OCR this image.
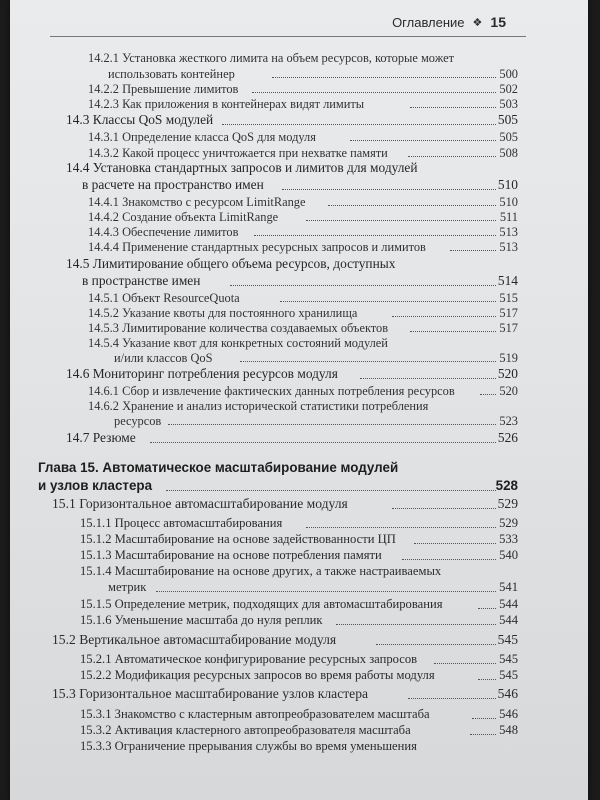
Оглавление ❖ 15
14.2.1 Установка жесткого лимита на объем ресурсов, которые может
использовать контейнер	500
14.2.2 Превышение лимитов	502
14.2.3 Как приложения в контейнерах видят лимиты	503
14.3 Классы QoS модулей	505
14.3.1 Определение класса QoS для модуля	505
14.3.2 Какой процесс уничтожается при нехватке памяти	508
14.4 Установка стандартных запросов и лимитов для модулей
в расчете на пространство имен	510
14.4.1 Знакомство с ресурсом LimitRange	510
14.4.2 Создание объекта LimitRange	511
14.4.3 Обеспечение лимитов	513
14.4.4 Применение стандартных ресурсных запросов и лимитов	513
14.5 Лимитирование общего объема ресурсов, доступных
в пространстве имен	514
14.5.1 Объект ResourceQuota	515
14.5.2 Указание квоты для постоянного хранилища	517
14.5.3 Лимитирование количества создаваемых объектов	517
14.5.4 Указание квот для конкретных состояний модулей
и/или классов QoS	519
14.6 Мониторинг потребления ресурсов модуля	520
14.6.1 Сбор и извлечение фактических данных потребления ресурсов	520
14.6.2 Хранение и анализ исторической статистики потребления
ресурсов	523
14.7 Резюме	526
Глава 15. Автоматическое масштабирование модулей
и узлов кластера	528
15.1 Горизонтальное автомасштабирование модуля	529
15.1.1 Процесс автомасштабирования	529
15.1.2 Масштабирование на основе задействованности ЦП	533
15.1.3 Масштабирование на основе потребления памяти	540
15.1.4 Масштабирование на основе других, а также настраиваемых
метрик	541
15.1.5 Определение метрик, подходящих для автомасштабирования	544
15.1.6 Уменьшение масштаба до нуля реплик	544
15.2 Вертикальное автомасштабирование модуля	545
15.2.1 Автоматическое конфигурирование ресурсных запросов	545
15.2.2 Модификация ресурсных запросов во время работы модуля	545
15.3 Горизонтальное масштабирование узлов кластера	546
15.3.1 Знакомство с кластерным автопреобразователем масштаба	546
15.3.2 Активация кластерного автопреобразователя масштаба	548
15.3.3 Ограничение прерывания службы во время уменьшения
